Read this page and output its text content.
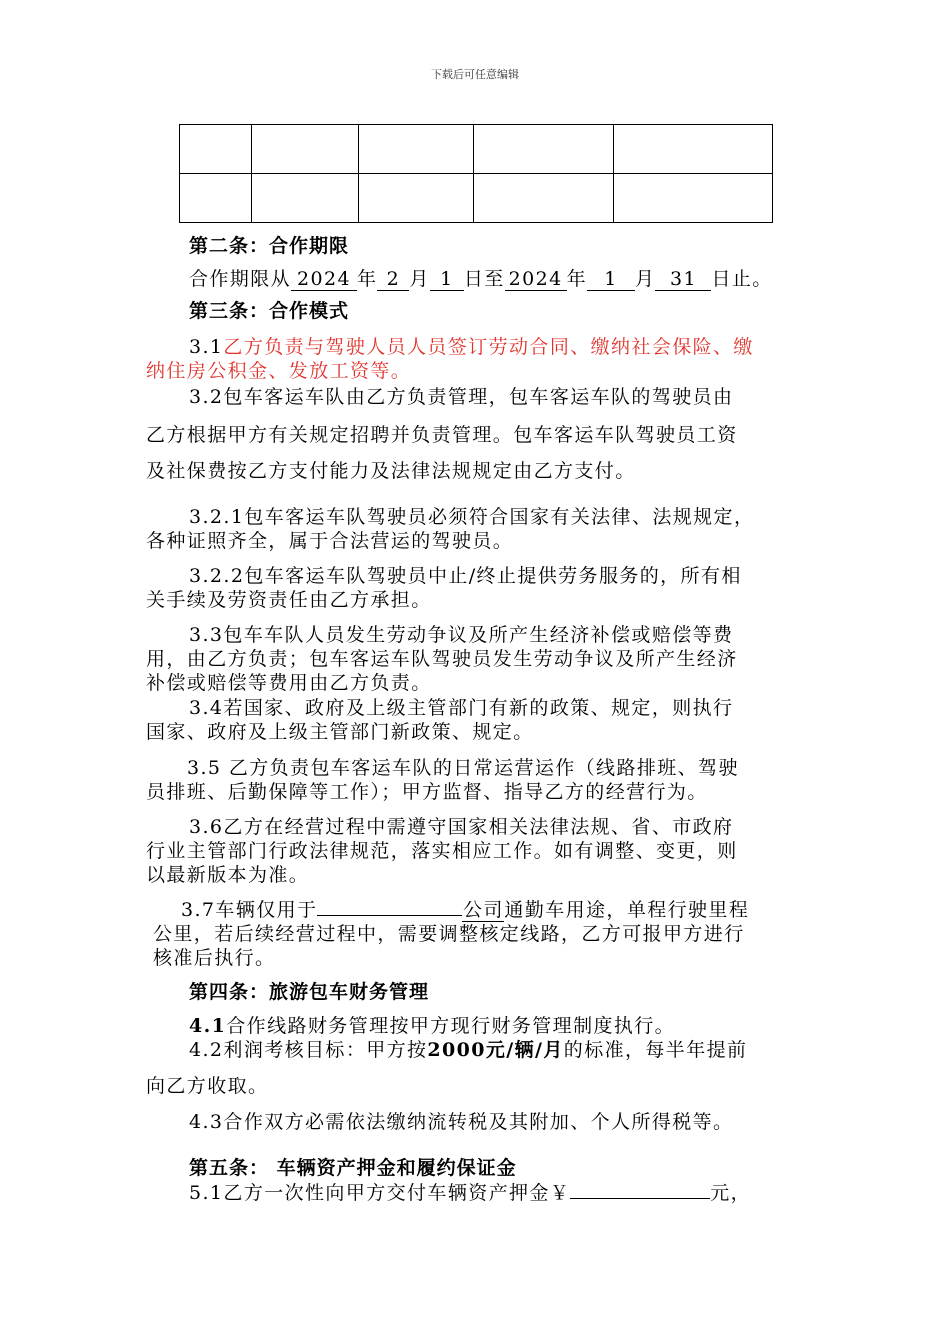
下载后可任意编辑

第二条：合作期限
合作期限从 2024 年 2 月 1 日至 2024 年 1 月 31 日止。
第三条：合作模式
3.1乙方负责与驾驶人员人员签订劳动合同、缴纳社会保险、缴
纳住房公积金、发放工资等。
3.2包车客运车队由乙方负责管理，包车客运车队的驾驶员由
乙方根据甲方有关规定招聘并负责管理。包车客运车队驾驶员工资
及社保费按乙方支付能力及法律法规规定由乙方支付。
3.2.1包车客运车队驾驶员必须符合国家有关法律、法规规定，
各种证照齐全，属于合法营运的驾驶员。
3.2.2包车客运车队驾驶员中止/终止提供劳务服务的，所有相
关手续及劳资责任由乙方承担。
3.3包车车队人员发生劳动争议及所产生经济补偿或赔偿等费
用，由乙方负责；包车客运车队驾驶员发生劳动争议及所产生经济
补偿或赔偿等费用由乙方负责。
3.4若国家、政府及上级主管部门有新的政策、规定，则执行
国家、政府及上级主管部门新政策、规定。
3.5 乙方负责包车客运车队的日常运营运作（线路排班、驾驶
员排班、后勤保障等工作）；甲方监督、指导乙方的经营行为。
3.6乙方在经营过程中需遵守国家相关法律法规、省、市政府
行业主管部门行政法律规范，落实相应工作。如有调整、变更，则
以最新版本为准。
3.7车辆仅用于	公司通勤车用途，单程行驶里程
公里，若后续经营过程中，需要调整核定线路，乙方可报甲方进行
核准后执行。
第四条：旅游包车财务管理
4.1合作线路财务管理按甲方现行财务管理制度执行。
4.2利润考核目标：甲方按2000元/辆/月的标准，每半年提前
向乙方收取。
4.3合作双方必需依法缴纳流转税及其附加、个人所得税等。
第五条： 车辆资产押金和履约保证金
5.1乙方一次性向甲方交付车辆资产押金￥	元，
